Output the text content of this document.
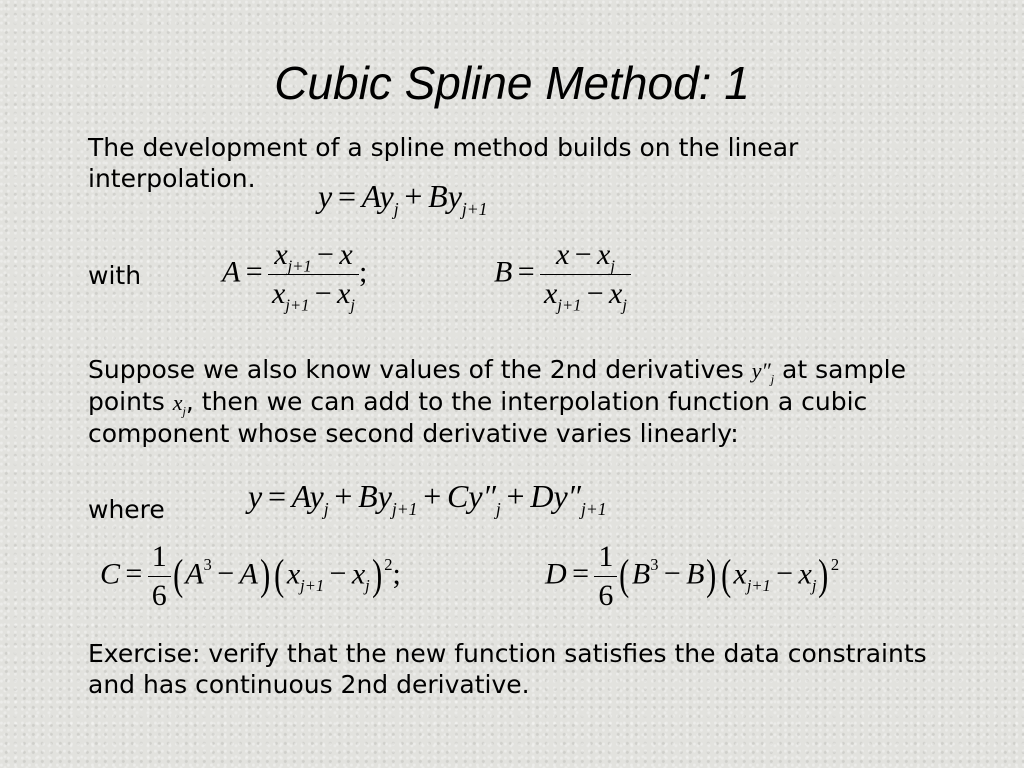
Cubic Spline Method: 1
The development of a spline method builds on the linear interpolation.	$y = Ay_j + By_{j+1}$
with	$A = \frac{x_{j+1} - x}{x_{j+1} - x_j}$ ;	$B = \frac{x - x_j}{x_{j+1} - x_j}$
Suppose we also know values of the 2nd derivatives $y''_j$ at sample points $x_j$, then we can add to the interpolation function a cubic component whose second derivative varies linearly:
where	$y = Ay_j + By_{j+1} + Cy''_j + Dy''_{j+1}$
$C = \frac{1}{6} (A^3 - A)(x_{j+1} - x_j)$ $^2$;	$D = \frac{1}{6} (B^3 - B)(x_{j+1} - x_j)$ $^2$
Exercise: verify that the new function satisfies the data constraints and has continuous 2nd derivative.
